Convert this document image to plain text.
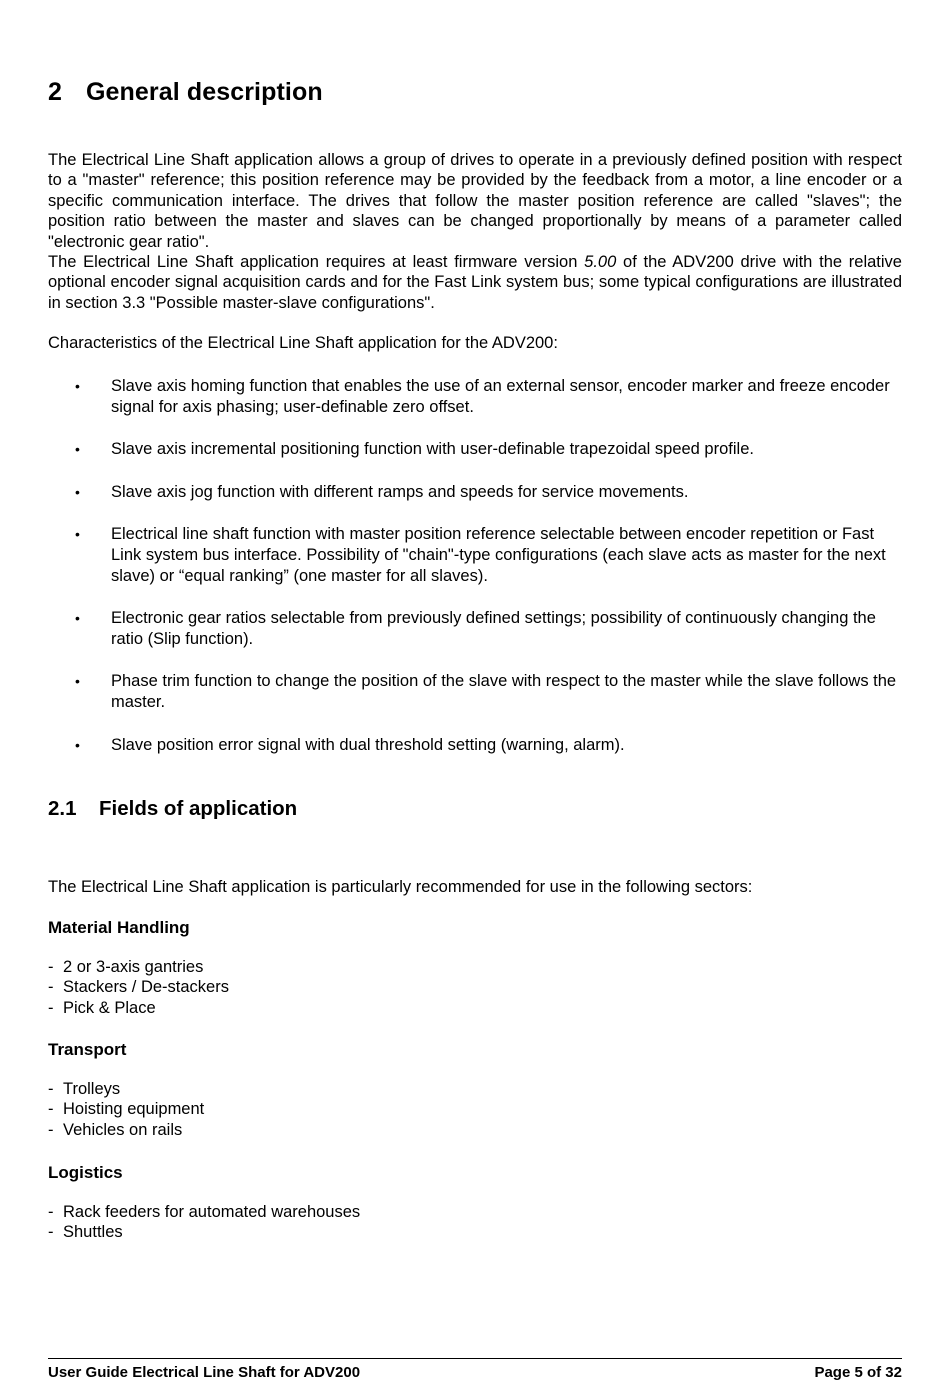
2 General description

The Electrical Line Shaft application allows a group of drives to operate in a previously defined position with respect to a "master" reference; this position reference may be provided by the feedback from a motor, a line encoder or a specific communication interface. The drives that follow the master position reference are called "slaves"; the position ratio between the master and slaves can be changed proportionally by means of a parameter called "electronic gear ratio".

The Electrical Line Shaft application requires at least firmware version 5.00 of the ADV200 drive with the relative optional encoder signal acquisition cards and for the Fast Link system bus; some typical configurations are illustrated in section 3.3 "Possible master-slave configurations".

Characteristics of the Electrical Line Shaft application for the ADV200:
• Slave axis homing function that enables the use of an external sensor, encoder marker and freeze encoder signal for axis phasing; user-definable zero offset.
• Slave axis incremental positioning function with user-definable trapezoidal speed profile.
• Slave axis jog function with different ramps and speeds for service movements.
• Electrical line shaft function with master position reference selectable between encoder repetition or Fast Link system bus interface. Possibility of "chain"-type configurations (each slave acts as master for the next slave) or “equal ranking” (one master for all slaves).
• Electronic gear ratios selectable from previously defined settings; possibility of continuously changing the ratio (Slip function).
• Phase trim function to change the position of the slave with respect to the master while the slave follows the master.
• Slave position error signal with dual threshold setting (warning, alarm).
2.1 Fields of application
The Electrical Line Shaft application is particularly recommended for use in the following sectors:
Material Handling
- 2 or 3-axis gantries
- Stackers / De-stackers
- Pick & Place
Transport
- Trolleys
- Hoisting equipment
- Vehicles on rails
Logistics
- Rack feeders for automated warehouses
- Shuttles
User Guide Electrical Line Shaft for ADV200	Page 5 of 32
